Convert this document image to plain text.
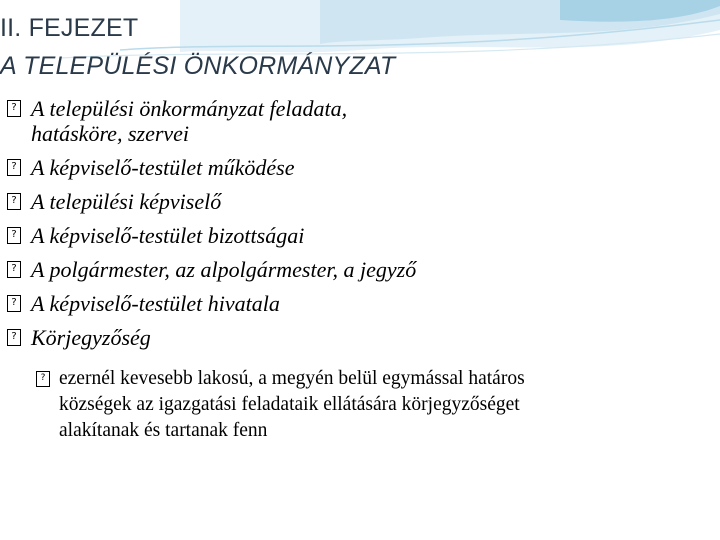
II. FEJEZET
A TELEPÜLÉSI ÖNKORMÁNYZAT
? A települési önkormányzat feladata,
hatásköre, szervei
? A képviselő-testület működése
? A települési képviselő
? A képviselő-testület bizottságai
? A polgármester, az alpolgármester, a jegyző
? A képviselő-testület hivatala
? Körjegyzőség
? ezernél kevesebb lakosú, a megyén belül egymással határos községek az igazgatási feladataik ellátására körjegyzőséget alakítanak és tartanak fenn
